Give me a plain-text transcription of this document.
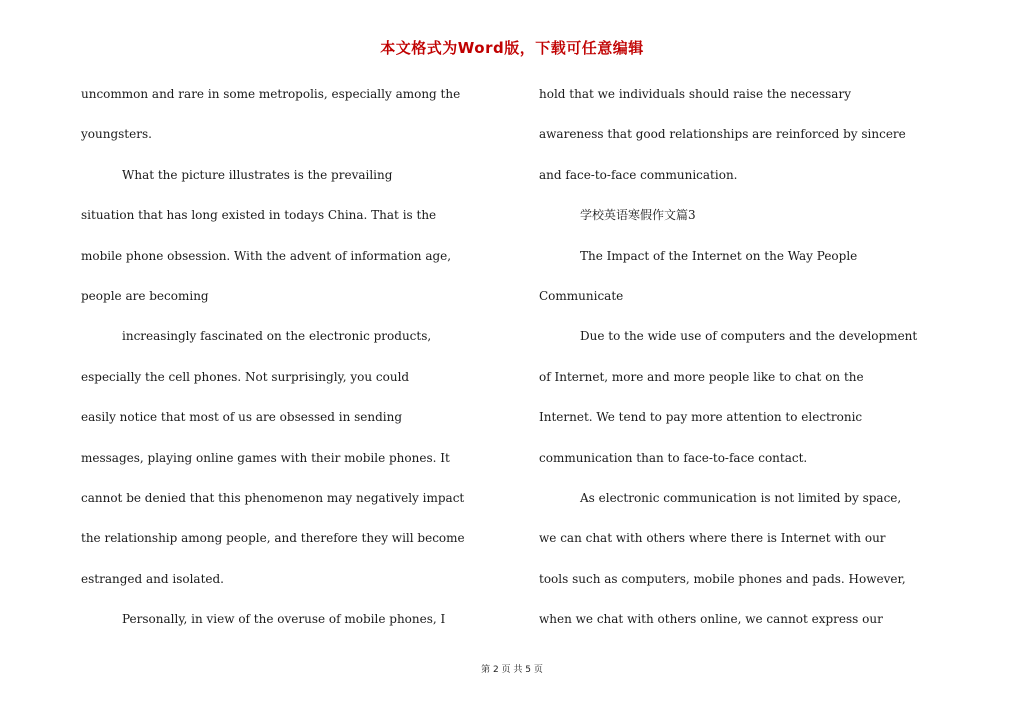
本文格式为Word版，下载可任意编辑
uncommon and rare in some metropolis, especially among the
youngsters.
What the picture illustrates is the prevailing
situation that has long existed in todays China. That is the
mobile phone obsession. With the advent of information age,
people are becoming
increasingly fascinated on the electronic products,
especially the cell phones. Not surprisingly, you could
easily notice that most of us are obsessed in sending
messages, playing online games with their mobile phones. It
cannot be denied that this phenomenon may negatively impact
the relationship among people, and therefore they will become
estranged and isolated.
Personally, in view of the overuse of mobile phones, I
hold that we individuals should raise the necessary
awareness that good relationships are reinforced by sincere
and face-to-face communication.
学校英语寒假作文篇3
The Impact of the Internet on the Way People
Communicate
Due to the wide use of computers and the development
of Internet, more and more people like to chat on the
Internet. We tend to pay more attention to electronic
communication than to face-to-face contact.
As electronic communication is not limited by space,
we can chat with others where there is Internet with our
tools such as computers, mobile phones and pads. However,
when we chat with others online, we cannot express our
第 2 页 共 5 页
